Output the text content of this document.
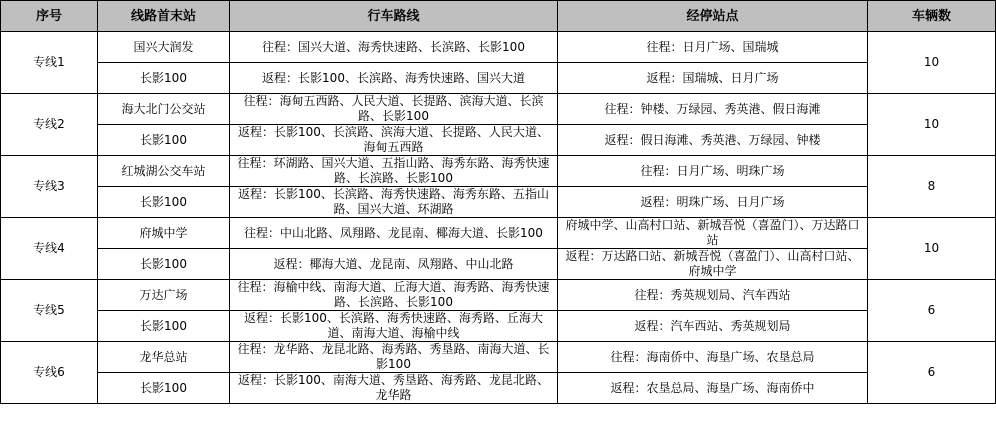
序号	线路首末站	行车路线	经停站点	车辆数
专线1	国兴大润发	往程：国兴大道、海秀快速路、长滨路、长影100	往程：日月广场、国瑞城	10
	长影100	返程：长影100、长滨路、海秀快速路、国兴大道	返程：国瑞城、日月广场	
专线2	海大北门公交站	往程：海甸五西路、人民大道、长提路、滨海大道、长滨路、长影100	往程：钟楼、万绿园、秀英港、假日海滩	10
	长影100	返程：长影100、长滨路、滨海大道、长提路、人民大道、海甸五西路	返程：假日海滩、秀英港、万绿园、钟楼	
专线3	红城湖公交车站	往程：环湖路、国兴大道、五指山路、海秀东路、海秀快速路、长滨路、长影100	往程：日月广场、明珠广场	8
	长影100	返程：长影100、长滨路、海秀快速路、海秀东路、五指山路、国兴大道、环湖路	返程：明珠广场、日月广场	
专线4	府城中学	往程：中山北路、凤翔路、龙昆南、椰海大道、长影100	府城中学、山高村口站、新城吾悦（喜盈门）、万达路口站	10
	长影100	返程：椰海大道、龙昆南、凤翔路、中山北路	返程：万达路口站、新城吾悦（喜盈门）、山高村口站、府城中学	
专线5	万达广场	往程：海榆中线、南海大道、丘海大道、海秀路、海秀快速路、长滨路、长影100	往程：秀英规划局、汽车西站	6
	长影100	返程：长影100、长滨路、海秀快速路、海秀路、丘海大道、南海大道、海榆中线	返程：汽车西站、秀英规划局	
专线6	龙华总站	往程：龙华路、龙昆北路、海秀路、秀垦路、南海大道、长影100	往程：海南侨中、海垦广场、农垦总局	6
	长影100	返程：长影100、南海大道、秀垦路、海秀路、龙昆北路、龙华路	返程：农垦总局、海垦广场、海南侨中	
